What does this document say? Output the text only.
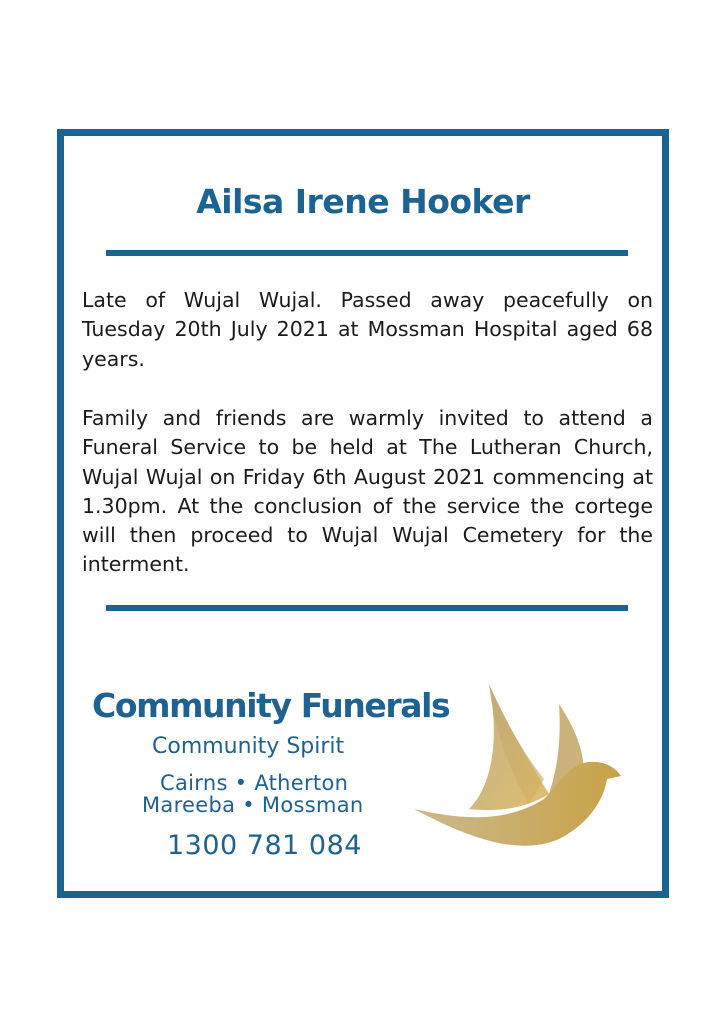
Ailsa Irene Hooker
Late of Wujal Wujal. Passed away peacefully on Tuesday 20th July 2021 at Mossman Hospital aged 68 years.
Family and friends are warmly invited to attend a Funeral Service to be held at The Lutheran Church, Wujal Wujal on Friday 6th August 2021 commencing at 1.30pm. At the conclusion of the service the cortege will then proceed to Wujal Wujal Cemetery for the interment.
Community Funerals
Community Spirit
Cairns • Atherton
Mareeba • Mossman
1300 781 084
